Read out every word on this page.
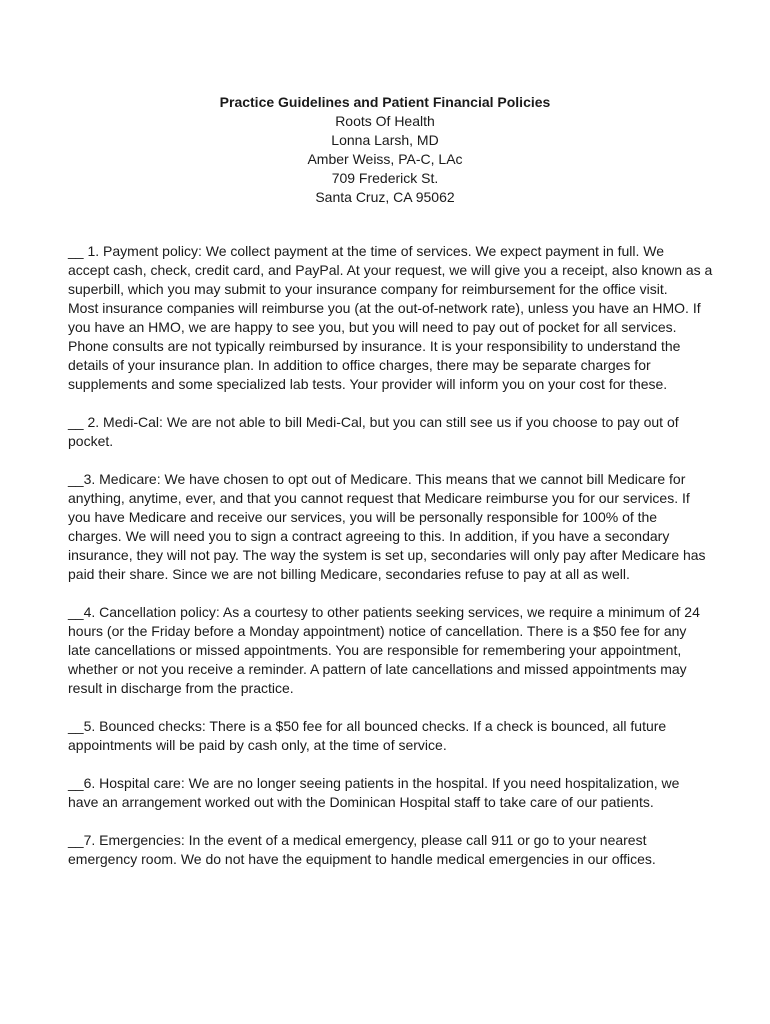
Practice Guidelines and Patient Financial Policies
Roots Of Health
Lonna Larsh, MD
Amber Weiss, PA-C, LAc
709 Frederick St.
Santa Cruz, CA 95062
__ 1. Payment policy: We collect payment at the time of services. We expect payment in full. We
accept cash, check, credit card, and PayPal. At your request, we will give you a receipt, also known as a
superbill, which you may submit to your insurance company for reimbursement for the office visit.
Most insurance companies will reimburse you (at the out-of-network rate), unless you have an HMO. If
you have an HMO, we are happy to see you, but you will need to pay out of pocket for all services.
Phone consults are not typically reimbursed by insurance. It is your responsibility to understand the
details of your insurance plan. In addition to office charges, there may be separate charges for
supplements and some specialized lab tests. Your provider will inform you on your cost for these.
__ 2. Medi-Cal: We are not able to bill Medi-Cal, but you can still see us if you choose to pay out of
pocket.
__3. Medicare: We have chosen to opt out of Medicare. This means that we cannot bill Medicare for
anything, anytime, ever, and that you cannot request that Medicare reimburse you for our services. If
you have Medicare and receive our services, you will be personally responsible for 100% of the
charges. We will need you to sign a contract agreeing to this. In addition, if you have a secondary
insurance, they will not pay. The way the system is set up, secondaries will only pay after Medicare has
paid their share. Since we are not billing Medicare, secondaries refuse to pay at all as well.
__4. Cancellation policy: As a courtesy to other patients seeking services, we require a minimum of 24
hours (or the Friday before a Monday appointment) notice of cancellation. There is a $50 fee for any
late cancellations or missed appointments. You are responsible for remembering your appointment,
whether or not you receive a reminder. A pattern of late cancellations and missed appointments may
result in discharge from the practice.
__5. Bounced checks: There is a $50 fee for all bounced checks. If a check is bounced, all future
appointments will be paid by cash only, at the time of service.
__6. Hospital care: We are no longer seeing patients in the hospital. If you need hospitalization, we
have an arrangement worked out with the Dominican Hospital staff to take care of our patients.
__7. Emergencies: In the event of a medical emergency, please call 911 or go to your nearest
emergency room. We do not have the equipment to handle medical emergencies in our offices.
